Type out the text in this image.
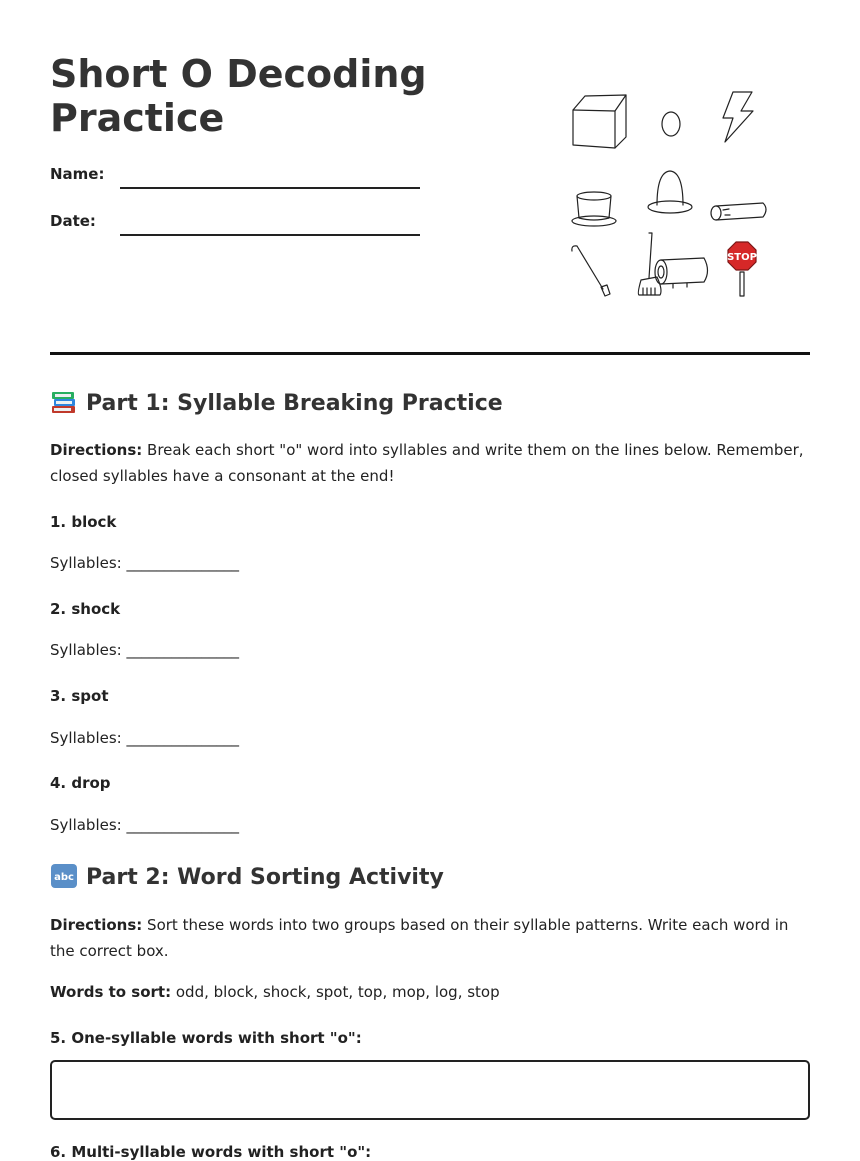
Short O Decoding
Practice
Name:
Date:
STOP
Part 1: Syllable Breaking Practice

Directions: Break each short "o" word into syllables and write them on the lines below. Remember, closed syllables have a consonant at the end!

1. block

Syllables: _______________

2. shock

Syllables: _______________

3. spot

Syllables: _______________

4. drop

Syllables: _______________

abc Part 2: Word Sorting Activity

Directions: Sort these words into two groups based on their syllable patterns. Write each word in the correct box.

Words to sort: odd, block, shock, spot, top, mop, log, stop

5. One-syllable words with short "o":

6. Multi-syllable words with short "o":
